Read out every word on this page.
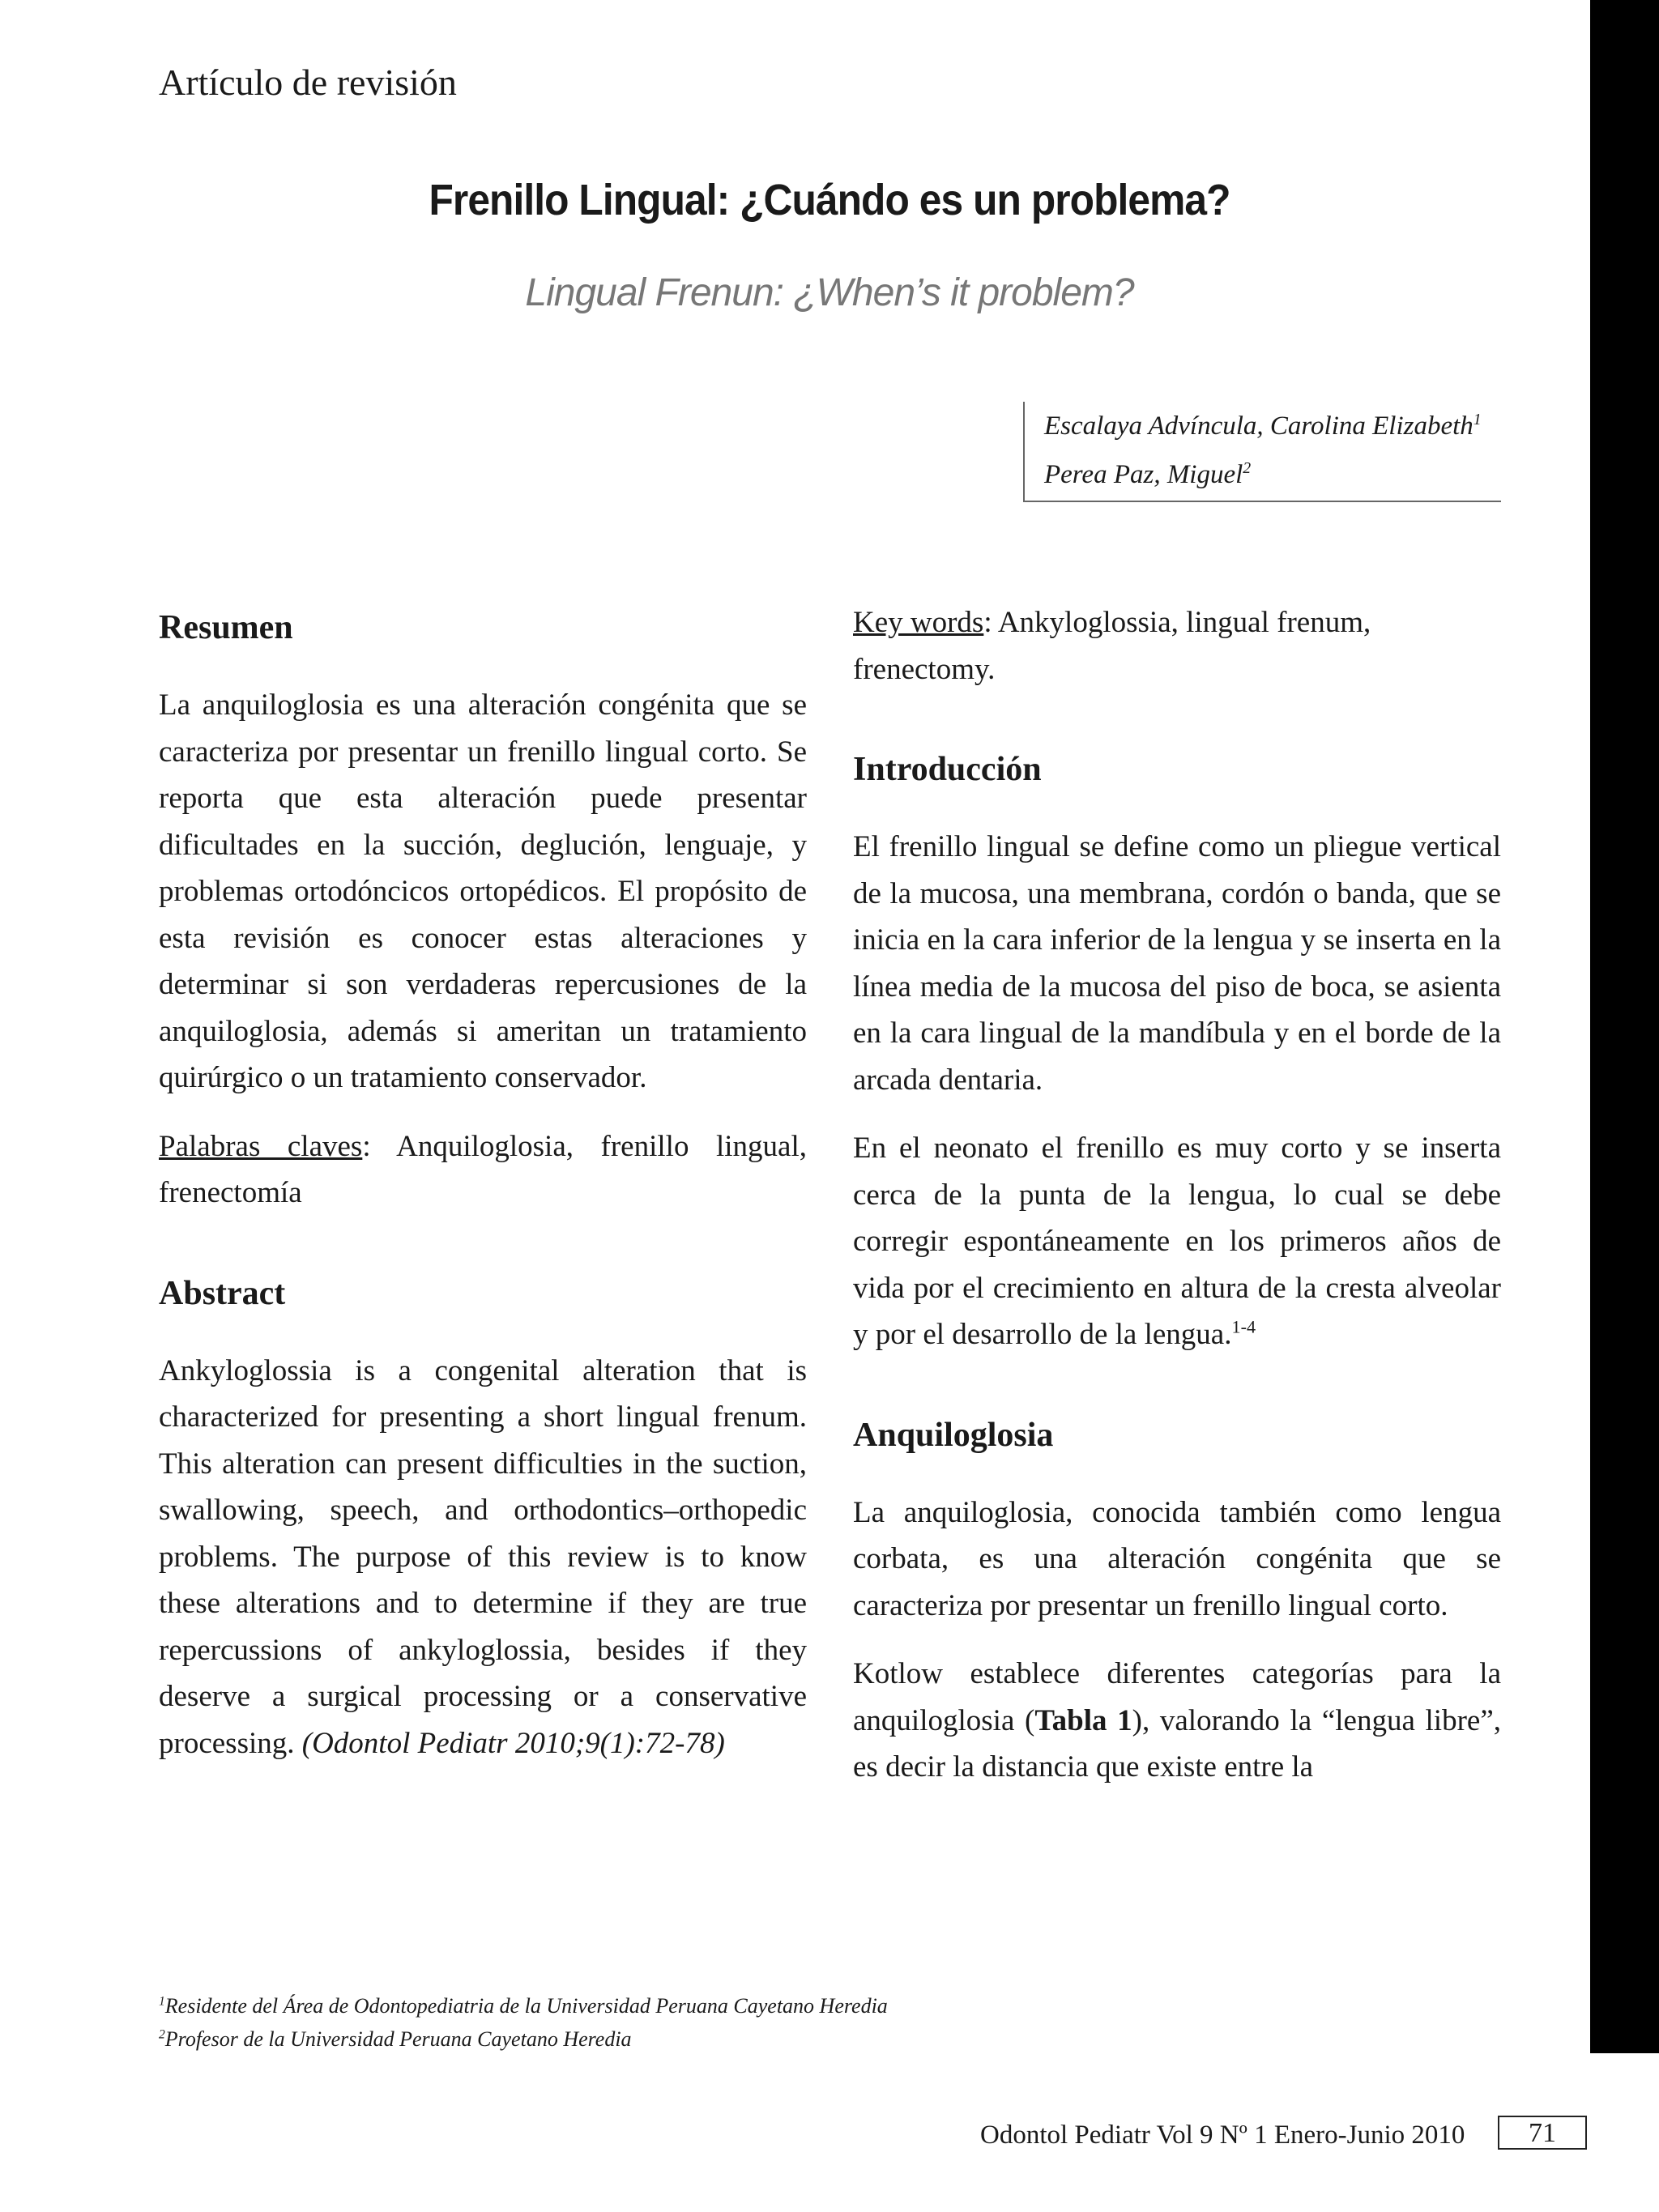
Artículo de revisión
Frenillo Lingual: ¿Cuándo es un problema?
Lingual Frenun: ¿When’s it problem?
Escalaya Advíncula, Carolina Elizabeth$^1$
Perea Paz, Miguel$^2$
Resumen

La anquiloglosia es una alteración congénita que se caracteriza por presentar un frenillo lingual corto. Se reporta que esta alteración puede presentar dificultades en la succión, deglución, lenguaje, y problemas ortodóncicos ortopédicos. El propósito de esta revisión es conocer estas alteraciones y determinar si son verdaderas repercusiones de la anquiloglosia, además si ameritan un tratamiento quirúrgico o un tratamiento conservador.

Palabras claves: Anquiloglosia, frenillo lingual, frenectomía

Abstract

Ankyloglossia is a congenital alteration that is characterized for presenting a short lingual frenum. This alteration can present difficulties in the suction, swallowing, speech, and orthodontics–orthopedic problems. The purpose of this review is to know these alterations and to determine if they are true repercussions of ankyloglossia, besides if they deserve a surgical processing or a conservative processing. (Odontol Pediatr 2010;9(1):72-78)

Key words: Ankyloglossia, lingual frenum, frenectomy.

Introducción

El frenillo lingual se define como un pliegue vertical de la mucosa, una membrana, cordón o banda, que se inicia en la cara inferior de la lengua y se inserta en la línea media de la mucosa del piso de boca, se asienta en la cara lingual de la mandíbula y en el borde de la arcada dentaria.

En el neonato el frenillo es muy corto y se inserta cerca de la punta de la lengua, lo cual se debe corregir espontáneamente en los primeros años de vida por el crecimiento en altura de la cresta alveolar y por el desarrollo de la lengua.$^{1-4}$

Anquiloglosia

La anquiloglosia, conocida también como lengua corbata, es una alteración congénita que se caracteriza por presentar un frenillo lingual corto.

Kotlow establece diferentes categorías para la anquiloglosia (Tabla 1), valorando la “lengua libre”, es decir la distancia que existe entre la

$^1$Residente del Área de Odontopediatria de la Universidad Peruana Cayetano Heredia
$^2$Profesor de la Universidad Peruana Cayetano Heredia
Odontol Pediatr Vol 9 Nº 1 Enero-Junio 2010	71
